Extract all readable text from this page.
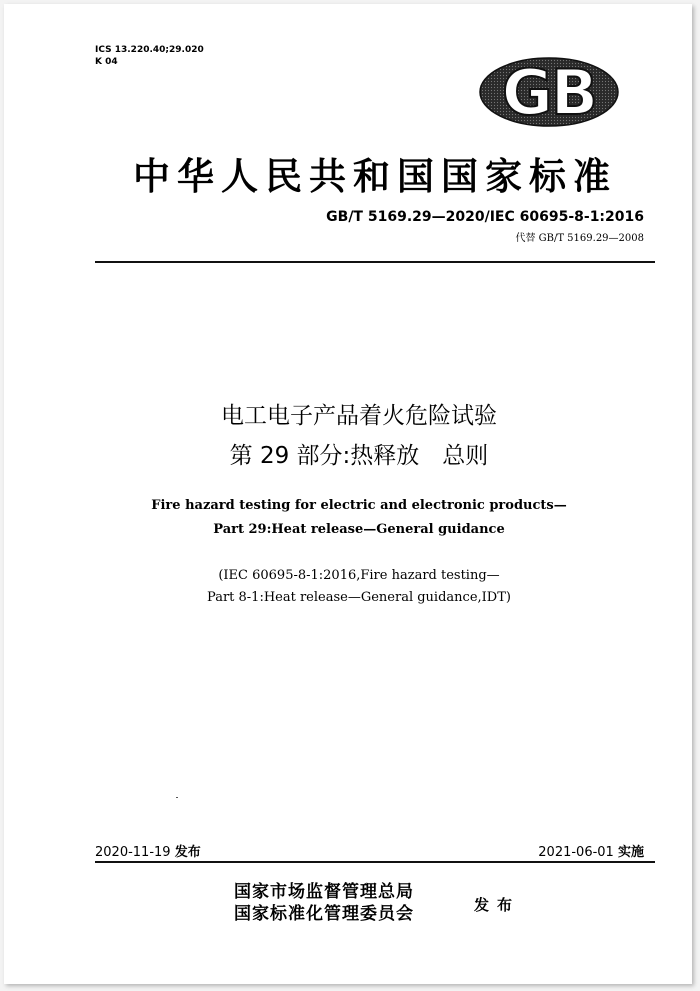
ICS 13.220.40;29.020
K 04	GB
中华人民共和国国家标准
GB/T 5169.29—2020/IEC 60695-8-1:2016
代替 GB/T 5169.29—2008
电工电子产品着火危险试验
第 29 部分:热释放　总则
Fire hazard testing for electric and electronic products—
Part 29:Heat release—General guidance
(IEC 60695-8-1:2016,Fire hazard testing—
Part 8-1:Heat release—General guidance,IDT)
2020-11-19 发布	2021-06-01 实施
国家市场监督管理总局
国家标准化管理委员会	发布
